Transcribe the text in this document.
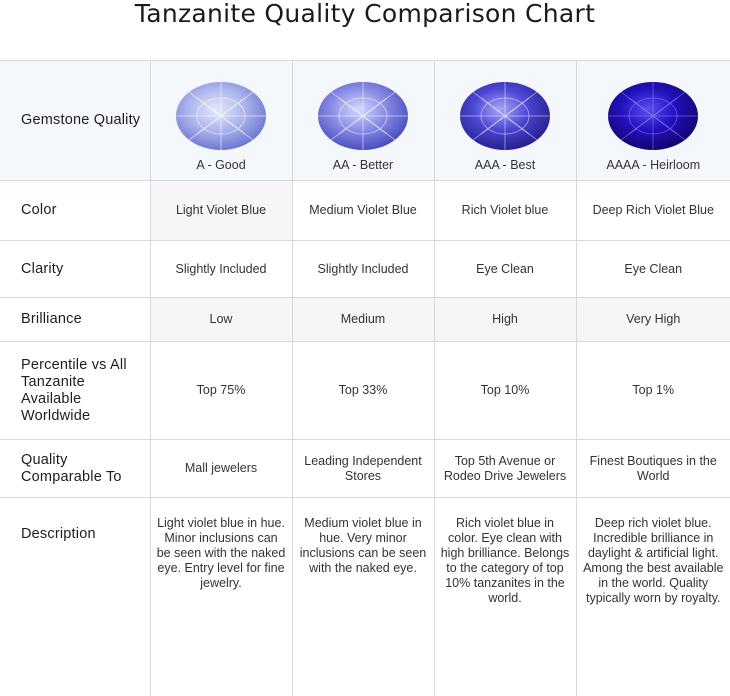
Tanzanite Quality Comparison Chart
Gemstone Quality	A - Good	AA - Better	AAA - Best	AAAA - Heirloom

Color	Light Violet Blue	Medium Violet Blue	Rich Violet blue	Deep Rich Violet Blue
Clarity	Slightly Included	Slightly Included	Eye Clean	Eye Clean
Brilliance	Low	Medium	High	Very High
Percentile vs All Tanzanite Available Worldwide	Top 75%	Top 33%	Top 10%	Top 1%
Quality Comparable To	Mall jewelers	Leading Independent Stores	Top 5th Avenue or Rodeo Drive Jewelers	Finest Boutiques in the World
Description	Light violet blue in hue. Minor inclusions can be seen with the naked eye. Entry level for fine jewelry.	Medium violet blue in hue. Very minor inclusions can be seen with the naked eye.	Rich violet blue in color. Eye clean with high brilliance. Belongs to the category of top 10% tanzanites in the world.	Deep rich violet blue. Incredible brilliance in daylight & artificial light. Among the best available in the world. Quality typically worn by royalty.
